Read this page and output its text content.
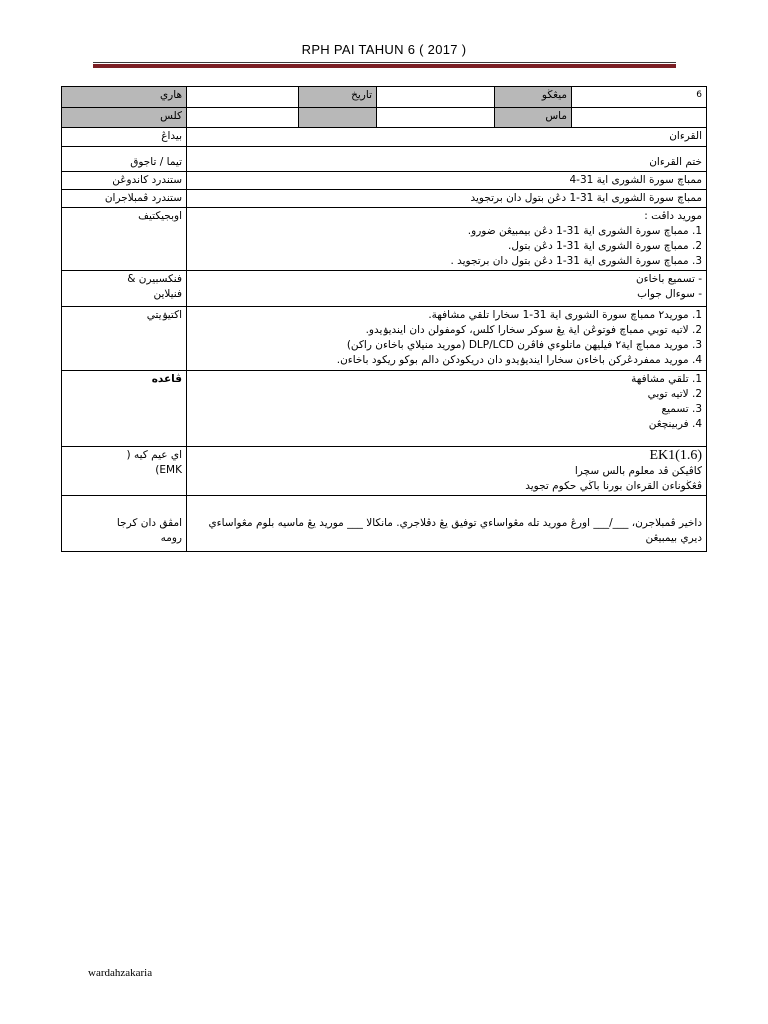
RPH PAI TAHUN 6 ( 2017 )
هاري		تاريخ		ميڠڬو	6
كلس				ماس	
بيداڠ	القرءان				
تيما / تاجوق	ختم القرءان				
ستندرد كاندوڠن	ممباچ سورة الشورى اية 31-4				
ستندرد ڤمبلاجران	ممباچ سورة الشورى اية 31-1 دڠن بتول دان برتجويد				
اوبجيكتيف	موريد داڤت :
1. ممباچ سورة الشورى اية 31-1 دڠن بيمبيڠن ضورو.
2. ممباچ سورة الشورى اية 31-1 دڠن بتول.
3. ممباچ سورة الشورى اية 31-1 دڠن بتول دان برتجويد .				

فنكسبيرن &
فنيلاين	- تسميع باخاءن
- سوءال جواب				

اكتيۏيتي	1. موريد٢ ممباچ سورة الشورى اية 31-1 سخارا تلقي مشافهة.
2. لاتيه توبي ممباچ فوتوڠن اية يڠ سوكر سخارا كلس، كومفولن دان اينديۏيدو.
3. موريد ممباچ اية٢ فيليهن ماتلوءي فاڤرن DLP/LCD (موريد منيلاي باخاءن راكن)
4. موريد ممفردڠركن باخاءن سخارا اينديۏيدو دان دريكودكن دالم بوكو ريكود باخاءن.				

ڤاعده	1. تلقي مشافهة
2. لاتيه توبي
3. تسميع
4. فربينچڠن				

اي عيم كيه (
EMK)	EK1(1.6)
كاڤيكن ڤد معلوم بالس سچرا
ڤڠڬوناءن القرءان بورنا باڬي حكوم تجويد				

امڤق دان كرجا
رومه	داخير ڤمبلاجرن، ___/___ اورڠ موريد تله مڠواساءي توفيق يڠ دڤلاجري. مانكالا ___ موريد يڠ ماسيه بلوم مڠواساءي ديري بيمبيڠن				
wardahzakaria
